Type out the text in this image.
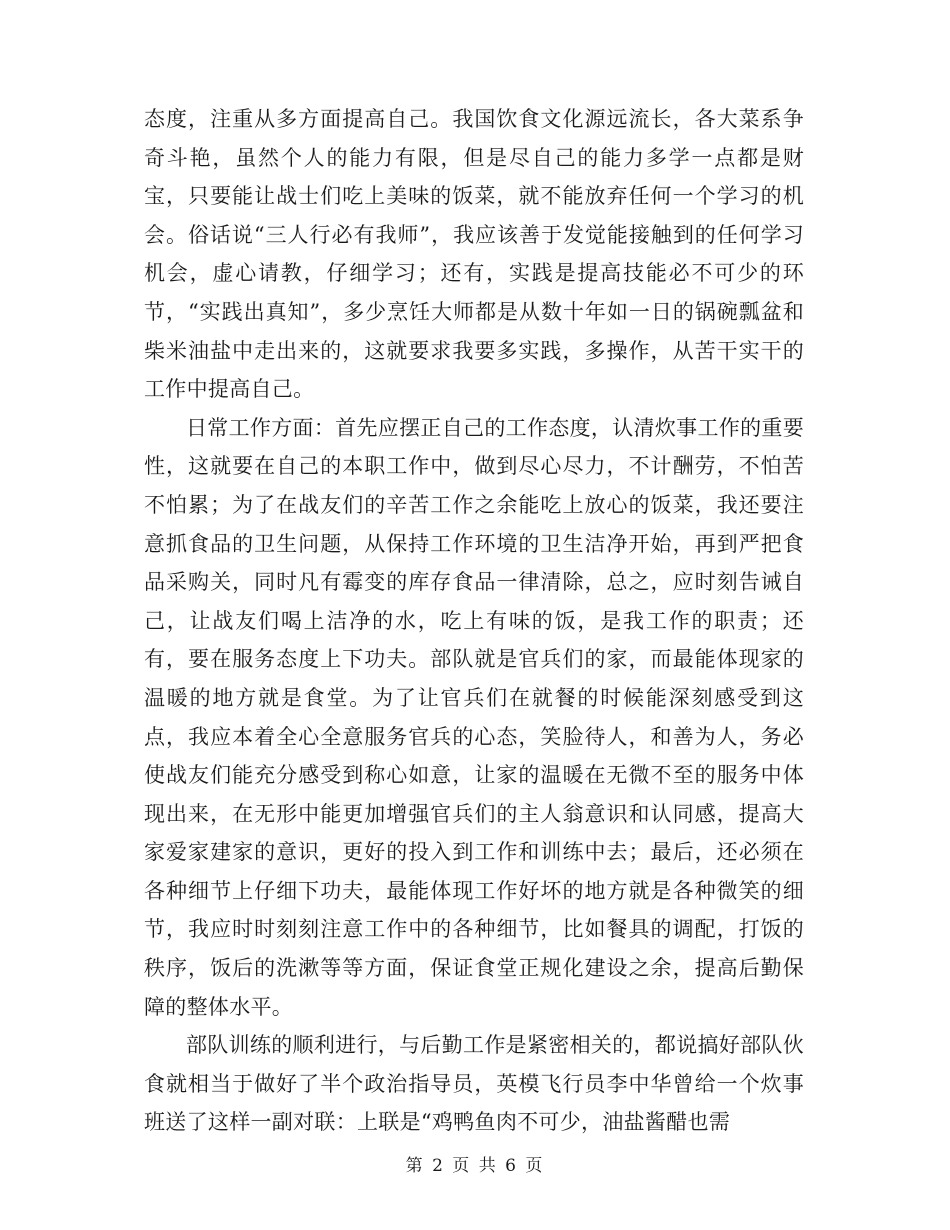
态度，注重从多方面提高自己。我国饮食文化源远流长，各大菜系争奇斗艳，虽然个人的能力有限，但是尽自己的能力多学一点都是财宝，只要能让战士们吃上美味的饭菜，就不能放弃任何一个学习的机会。俗话说“三人行必有我师”，我应该善于发觉能接触到的任何学习机会，虚心请教，仔细学习；还有，实践是提高技能必不可少的环节，“实践出真知”，多少烹饪大师都是从数十年如一日的锅碗瓢盆和柴米油盐中走出来的，这就要求我要多实践，多操作，从苦干实干的工作中提高自己。

日常工作方面：首先应摆正自己的工作态度，认清炊事工作的重要性，这就要在自己的本职工作中，做到尽心尽力，不计酬劳，不怕苦不怕累；为了在战友们的辛苦工作之余能吃上放心的饭菜，我还要注意抓食品的卫生问题，从保持工作环境的卫生洁净开始，再到严把食品采购关，同时凡有霉变的库存食品一律清除，总之，应时刻告诫自己，让战友们喝上洁净的水，吃上有味的饭，是我工作的职责；还有，要在服务态度上下功夫。部队就是官兵们的家，而最能体现家的温暖的地方就是食堂。为了让官兵们在就餐的时候能深刻感受到这点，我应本着全心全意服务官兵的心态，笑脸待人，和善为人，务必使战友们能充分感受到称心如意，让家的温暖在无微不至的服务中体现出来，在无形中能更加增强官兵们的主人翁意识和认同感，提高大家爱家建家的意识，更好的投入到工作和训练中去；最后，还必须在各种细节上仔细下功夫，最能体现工作好坏的地方就是各种微笑的细节，我应时时刻刻注意工作中的各种细节，比如餐具的调配，打饭的秩序，饭后的洗漱等等方面，保证食堂正规化建设之余，提高后勤保障的整体水平。

部队训练的顺利进行，与后勤工作是紧密相关的，都说搞好部队伙食就相当于做好了半个政治指导员，英模飞行员李中华曾给一个炊事班送了这样一副对联：上联是“鸡鸭鱼肉不可少，油盐酱醋也需

第 2 页 共 6 页
